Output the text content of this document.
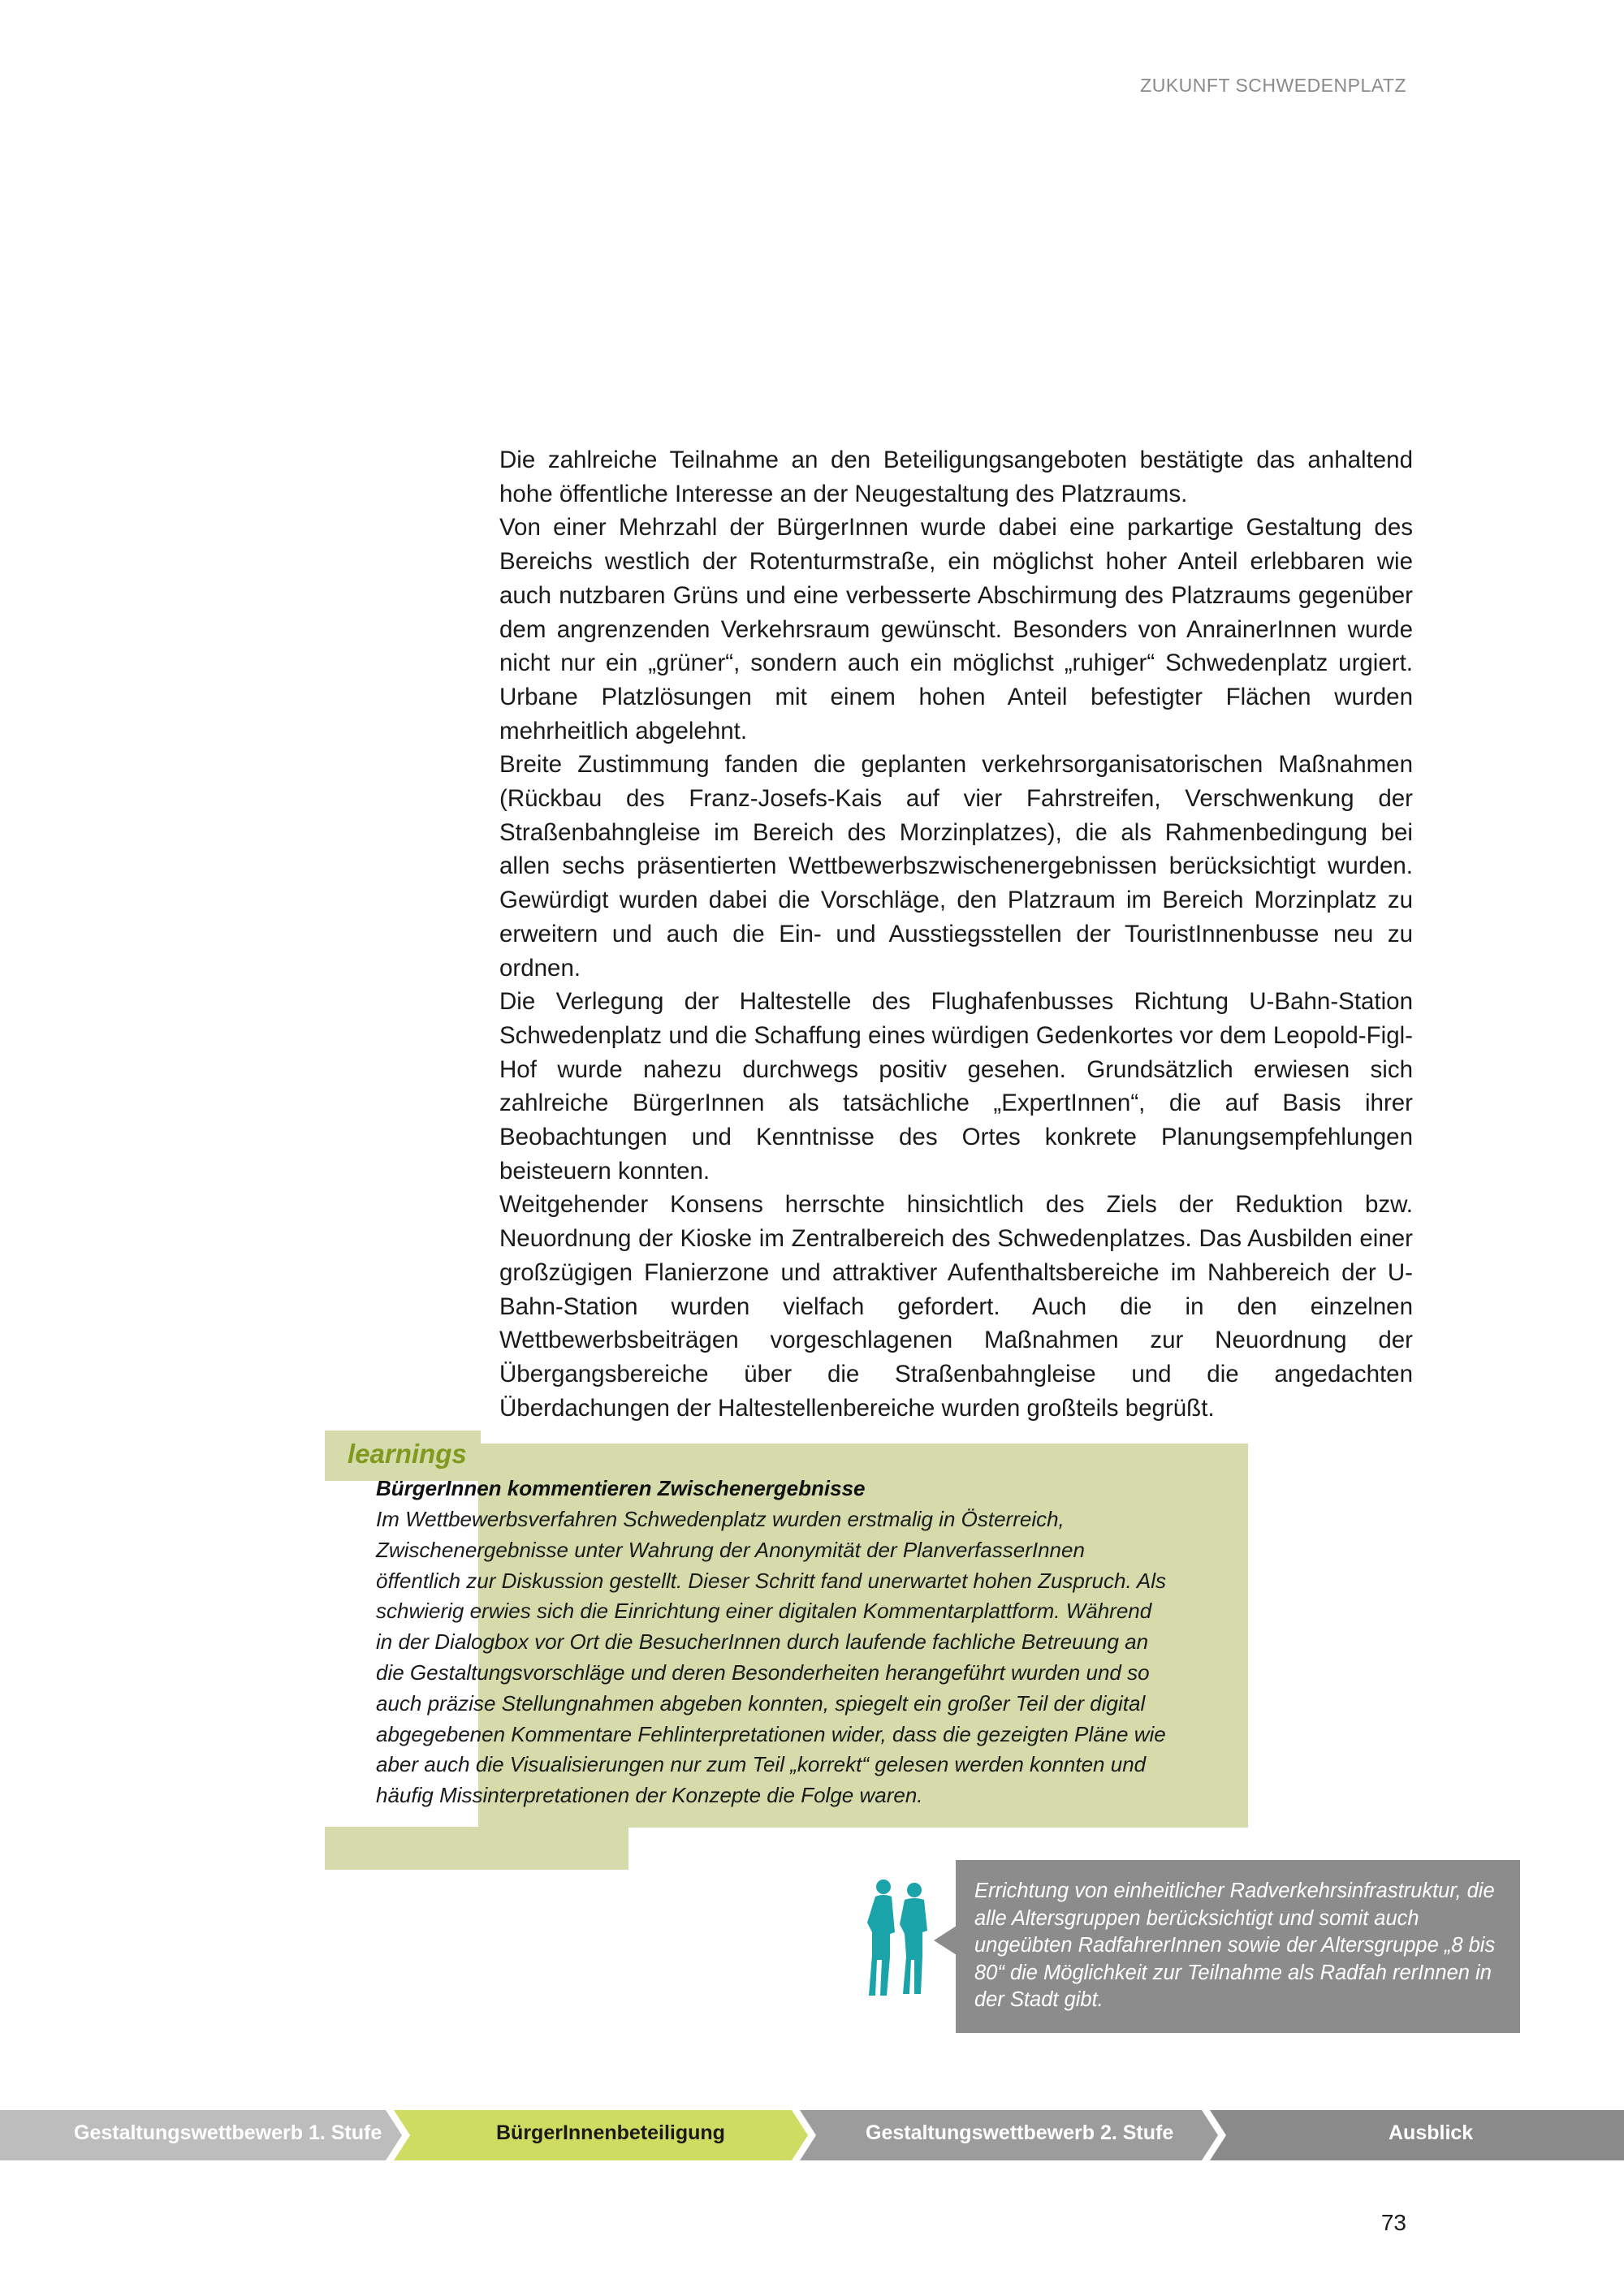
ZUKUNFT SCHWEDENPLATZ

Die zahlreiche Teilnahme an den Beteiligungsangeboten bestätigte das anhaltend hohe öffentliche Interesse an der Neugestaltung des Platzraums.

Von einer Mehrzahl der BürgerInnen wurde dabei eine parkartige Gestaltung des Bereichs westlich der Rotenturmstraße, ein möglichst hoher Anteil erlebbaren wie auch nutzbaren Grüns und eine verbesserte Abschirmung des Platzraums gegenüber dem angrenzenden Verkehrsraum gewünscht. Besonders von AnrainerInnen wurde nicht nur ein „grüner“, sondern auch ein möglichst „ruhiger“ Schwedenplatz urgiert. Urbane Platzlösungen mit einem hohen Anteil befestigter Flächen wurden mehrheitlich abgelehnt.

Breite Zustimmung fanden die geplanten verkehrsorganisatorischen Maßnahmen (Rückbau des Franz-Josefs-Kais auf vier Fahrstreifen, Verschwenkung der Straßenbahngleise im Bereich des Morzinplatzes), die als Rahmenbedingung bei allen sechs präsentierten Wettbewerbszwischenergebnissen berücksichtigt wurden. Gewürdigt wurden dabei die Vorschläge, den Platzraum im Bereich Morzinplatz zu erweitern und auch die Ein- und Ausstiegsstellen der TouristInnenbusse neu zu ordnen.

Die Verlegung der Haltestelle des Flughafenbusses Richtung U-Bahn-Station Schwedenplatz und die Schaffung eines würdigen Gedenkortes vor dem Leopold-Figl-Hof wurde nahezu durchwegs positiv gesehen. Grundsätzlich erwiesen sich zahlreiche BürgerInnen als tatsächliche „ExpertInnen“, die auf Basis ihrer Beobachtungen und Kenntnisse des Ortes konkrete Planungsempfehlungen beisteuern konnten.

Weitgehender Konsens herrschte hinsichtlich des Ziels der Reduktion bzw. Neuordnung der Kioske im Zentralbereich des Schwedenplatzes. Das Ausbilden einer großzügigen Flanierzone und attraktiver Aufenthaltsbereiche im Nahbereich der U-Bahn-Station wurden vielfach gefordert. Auch die in den einzelnen Wettbewerbsbeiträgen vorgeschlagenen Maßnahmen zur Neuordnung der Übergangsbereiche über die Straßenbahngleise und die angedachten Überdachungen der Haltestellenbereiche wurden großteils begrüßt.

learnings
BürgerInnen kommentieren Zwischenergebnisse
Im Wettbewerbsverfahren Schwedenplatz wurden erstmalig in Österreich, Zwischenergebnisse unter Wahrung der Anonymität der PlanverfasserInnen öffentlich zur Diskussion gestellt. Dieser Schritt fand unerwartet hohen Zuspruch. Als schwierig erwies sich die Einrichtung einer digitalen Kommentarplattform. Während in der Dialogbox vor Ort die BesucherInnen durch laufende fachliche Betreuung an die Gestaltungsvorschläge und deren Besonderheiten herangeführt wurden und so auch präzise Stellungnahmen abgeben konnten, spiegelt ein großer Teil der digital abgegebenen Kommentare Fehlinterpretationen wider, dass die gezeigten Pläne wie aber auch die Visualisierungen nur zum Teil „korrekt“ gelesen werden konnten und häufig Missinterpretationen der Konzepte die Folge waren.
Errichtung von einheitlicher Radverkehrsinfrastruktur, die alle Altersgruppen berücksichtigt und somit auch ungeübten RadfahrerInnen sowie der Altersgruppe „8 bis 80“ die Möglichkeit zur Teilnahme als Radfah rerInnen in der Stadt gibt.
Gestaltungswettbewerb 1. Stufe	BürgerInnenbeteiligung	Gestaltungswettbewerb 2. Stufe	Ausblick
73
